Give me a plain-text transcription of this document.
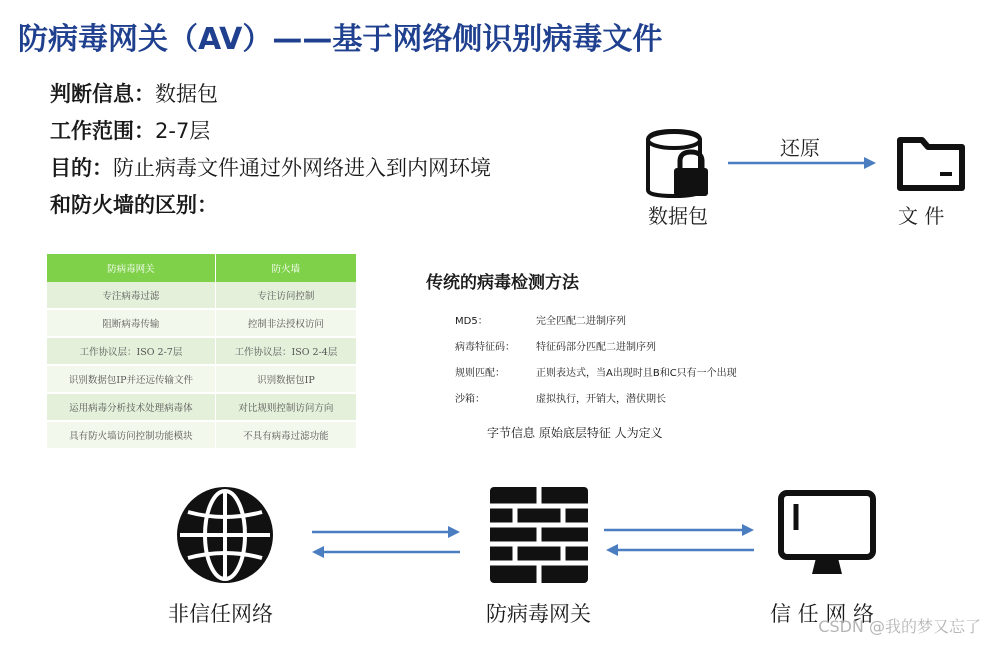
防病毒网关（AV）——基于网络侧识别病毒文件
判断信息：数据包
工作范围：2-7层
目的：防止病毒文件通过外网络进入到内网环境
和防火墙的区别：	数据包
还原
文 件
防病毒网关	防火墙
专注病毒过滤	专注访问控制
阻断病毒传输	控制非法授权访问
工作协议层：ISO 2-7层	工作协议层：ISO 2-4层
识别数据包IP并还远传输文件	识别数据包IP
运用病毒分析技术处理病毒体	对比规则控制访问方向
具有防火墙访问控制功能模块	不具有病毒过滤功能
传统的病毒检测方法
MD5：	完全匹配二进制序列
病毒特征码： 特征码部分匹配二进制序列
规则匹配：	正则表达式，当A出现时且B和C只有一个出现
沙箱：	虚拟执行，开销大，潜伏期长
字节信息 原始底层特征 人为定义
非信任网络	防病毒网关	信 任 网 络
CSDN @我的梦又忘了
